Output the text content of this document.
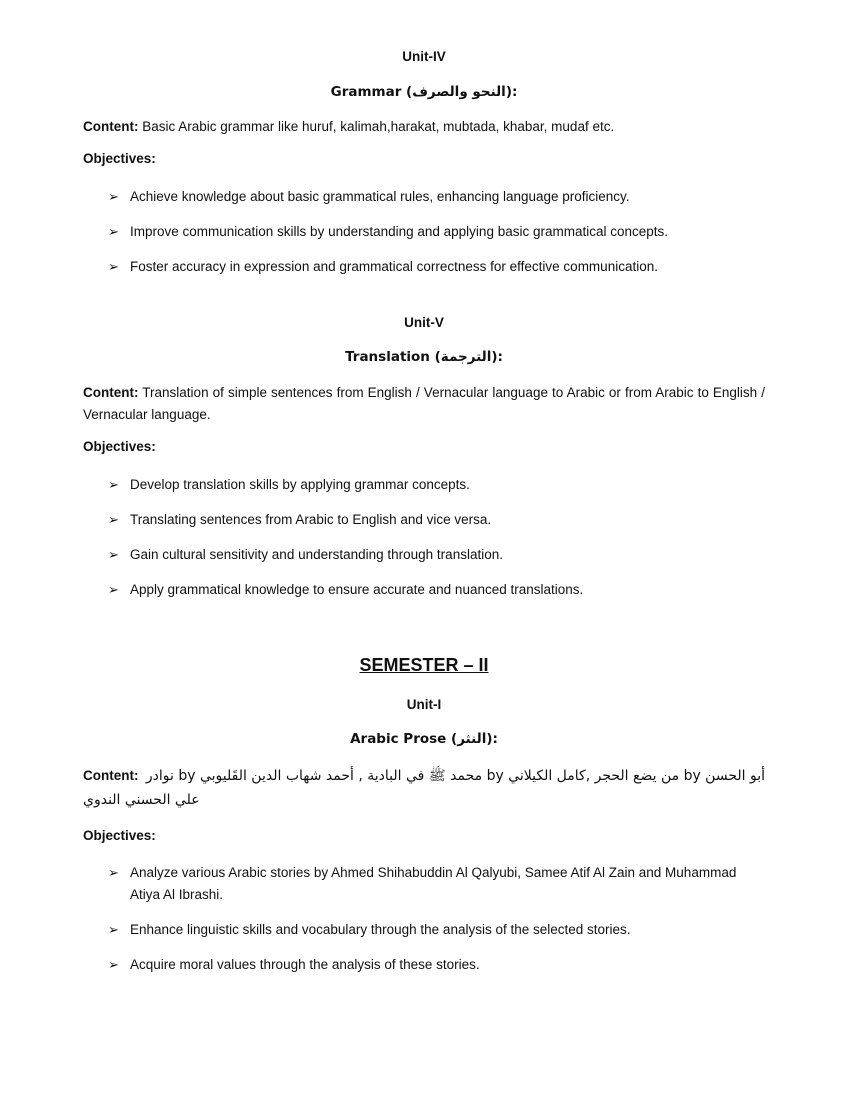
Unit-IV
Grammar (النحو والصرف):
Content: Basic Arabic grammar like huruf, kalimah,harakat, mubtada, khabar, mudaf etc.
Objectives:
➢ Achieve knowledge about basic grammatical rules, enhancing language proficiency.
➢ Improve communication skills by understanding and applying basic grammatical concepts.
➢ Foster accuracy in expression and grammatical correctness for effective communication.
Unit-V
Translation (الترجمة):
Content: Translation of simple sentences from English / Vernacular language to Arabic or from Arabic to English / Vernacular language.
Objectives:
➢ Develop translation skills by applying grammar concepts.
➢ Translating sentences from Arabic to English and vice versa.
➢ Gain cultural sensitivity and understanding through translation.
➢ Apply grammatical knowledge to ensure accurate and nuanced translations.
SEMESTER – II
Unit-I
Arabic Prose (النثر):
Content: أبو الحسن by من يضع الحجر ,كامل الكيلاني by محمد ﷺ في البادية , أحمد شهاب الدين القَليوبي by نوادر
علي الحسني الندوي
Objectives:
➢ Analyze various Arabic stories by Ahmed Shihabuddin Al Qalyubi, Samee Atif Al Zain and Muhammad Atiya Al Ibrashi.
➢ Enhance linguistic skills and vocabulary through the analysis of the selected stories.
➢ Acquire moral values through the analysis of these stories.
